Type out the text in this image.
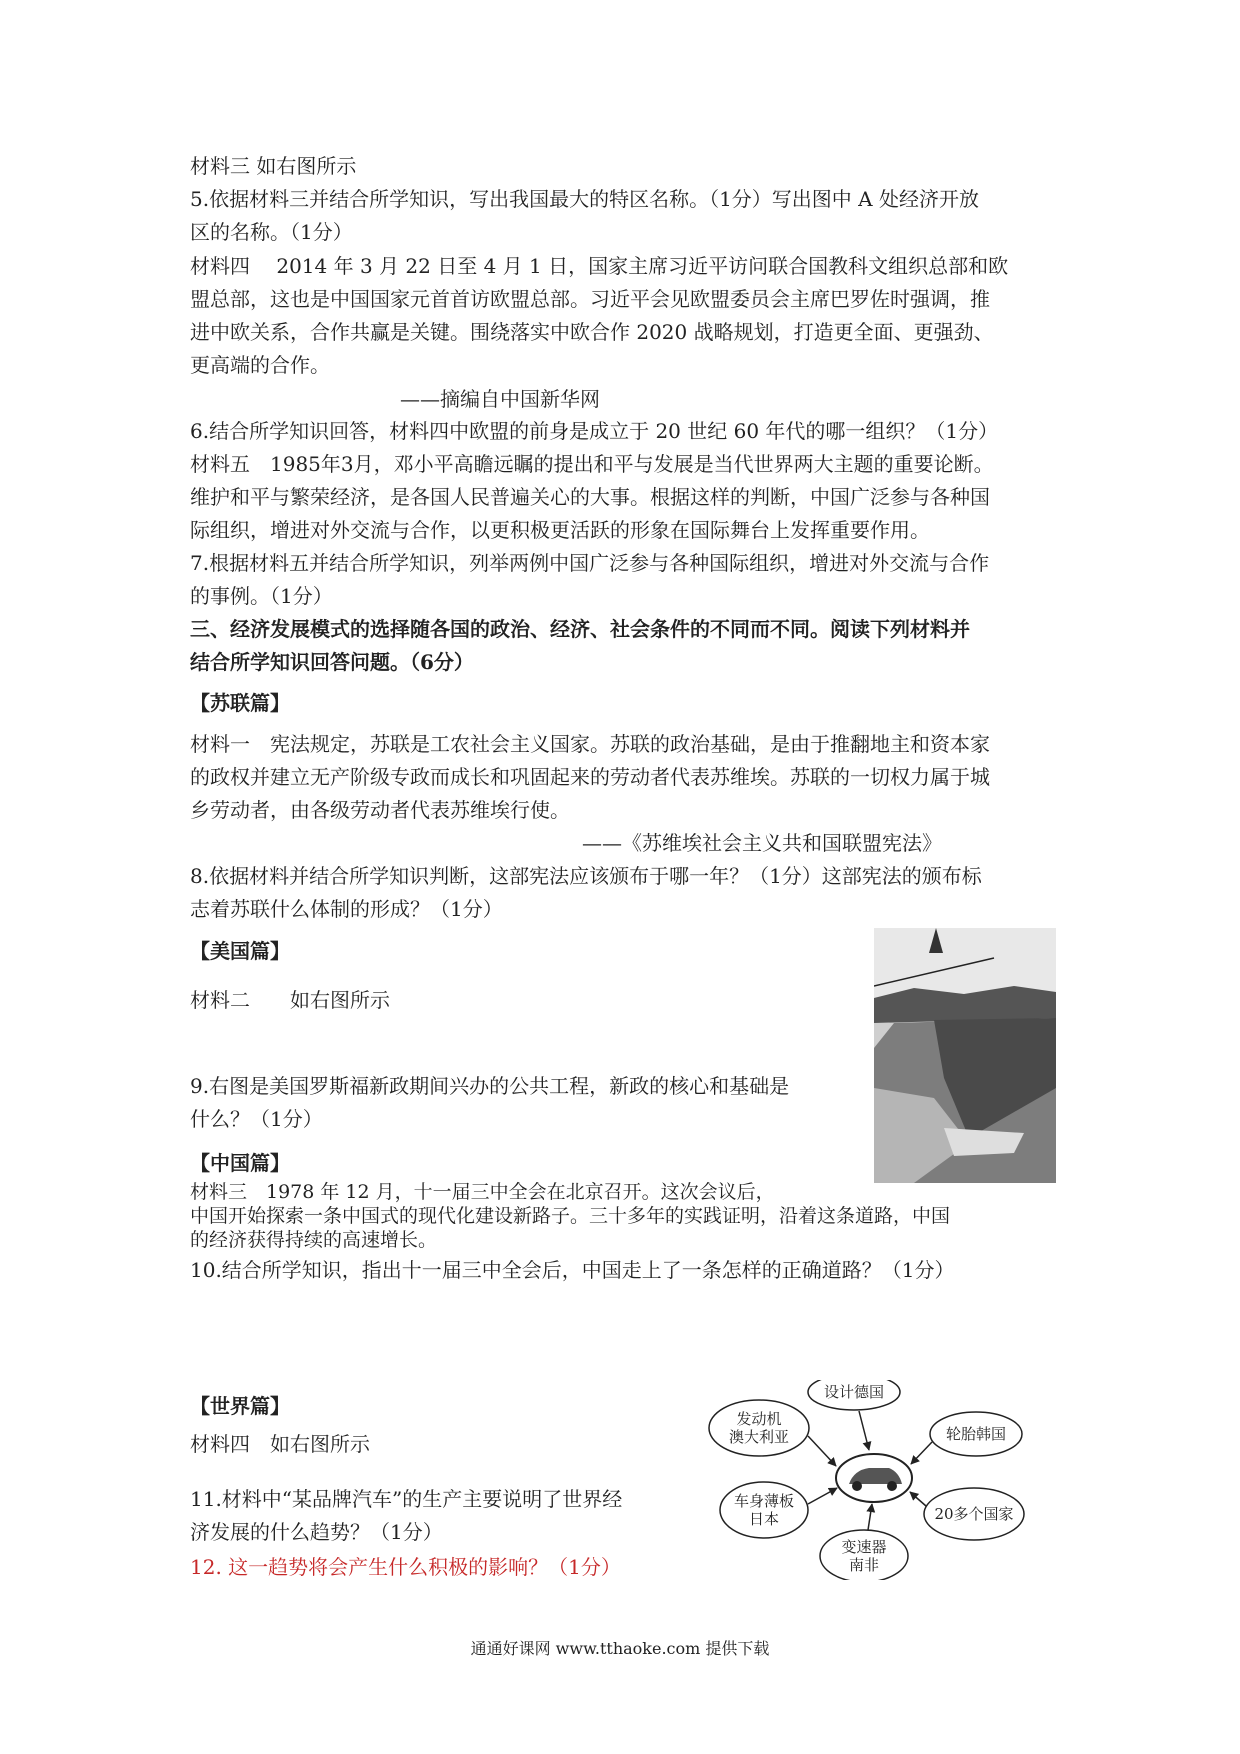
材料三 如右图所示
5.依据材料三并结合所学知识，写出我国最大的特区名称。（1分）写出图中 A 处经济开放
区的名称。（1分）
材料四　 2014 年 3 月 22 日至 4 月 1 日，国家主席习近平访问联合国教科文组织总部和欧
盟总部，这也是中国国家元首首访欧盟总部。习近平会见欧盟委员会主席巴罗佐时强调，推
进中欧关系，合作共赢是关键。围绕落实中欧合作 2020 战略规划，打造更全面、更强劲、
更高端的合作。
——摘编自中国新华网
6.结合所学知识回答，材料四中欧盟的前身是成立于 20 世纪 60 年代的哪一组织？（1分）
材料五　1985年3月，邓小平高瞻远瞩的提出和平与发展是当代世界两大主题的重要论断。
维护和平与繁荣经济，是各国人民普遍关心的大事。根据这样的判断，中国广泛参与各种国
际组织，增进对外交流与合作，以更积极更活跃的形象在国际舞台上发挥重要作用。
7.根据材料五并结合所学知识，列举两例中国广泛参与各种国际组织，增进对外交流与合作
的事例。（1分）
三、经济发展模式的选择随各国的政治、经济、社会条件的不同而不同。阅读下列材料并
结合所学知识回答问题。（6分）
【苏联篇】
材料一　宪法规定，苏联是工农社会主义国家。苏联的政治基础，是由于推翻地主和资本家
的政权并建立无产阶级专政而成长和巩固起来的劳动者代表苏维埃。苏联的一切权力属于城
乡劳动者，由各级劳动者代表苏维埃行使。
——《苏维埃社会主义共和国联盟宪法》
8.依据材料并结合所学知识判断，这部宪法应该颁布于哪一年？（1分）这部宪法的颁布标
志着苏联什么体制的形成？（1分）
【美国篇】
材料二　　如右图所示
9.右图是美国罗斯福新政期间兴办的公共工程，新政的核心和基础是
什么？（1分）
【中国篇】
材料三　1978 年 12 月，十一届三中全会在北京召开。这次会议后，
中国开始探索一条中国式的现代化建设新路子。三十多年的实践证明，沿着这条道路，中国
的经济获得持续的高速增长。
10.结合所学知识，指出十一届三中全会后，中国走上了一条怎样的正确道路？（1分）
【世界篇】
材料四　如右图所示
11.材料中“某品牌汽车”的生产主要说明了世界经
济发展的什么趋势？（1分）
12. 这一趋势将会产生什么积极的影响？（1分）
设计德国
发动机
澳大利亚	轮胎韩国
车身薄板
日本	20多个国家
变速器
南非
通通好课网 www.tthaoke.com 提供下载
